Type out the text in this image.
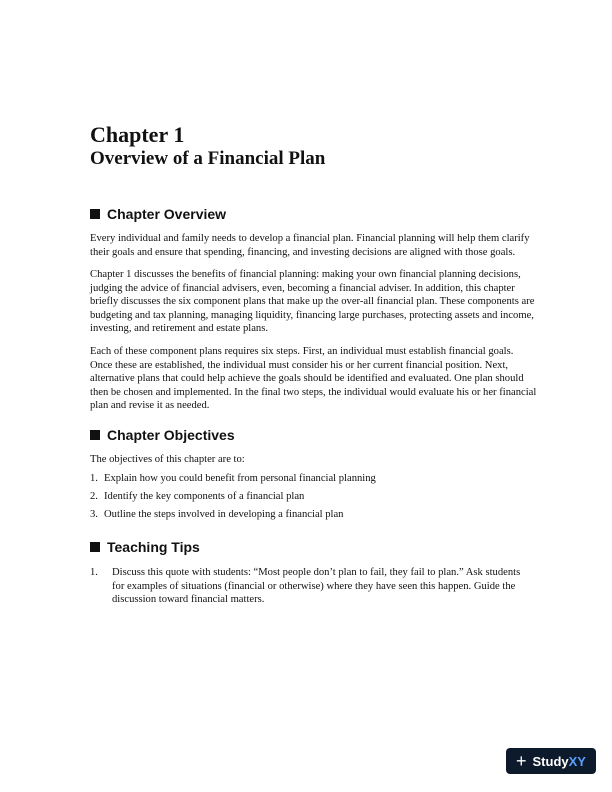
Chapter 1
Overview of a Financial Plan
Chapter Overview
Every individual and family needs to develop a financial plan. Financial planning will help them clarify
their goals and ensure that spending, financing, and investing decisions are aligned with those goals.
Chapter 1 discusses the benefits of financial planning: making your own financial planning decisions,
judging the advice of financial advisers, even, becoming a financial adviser. In addition, this chapter
briefly discusses the six component plans that make up the over-all financial plan. These components are
budgeting and tax planning, managing liquidity, financing large purchases, protecting assets and income,
investing, and retirement and estate plans.
Each of these component plans requires six steps. First, an individual must establish financial goals.
Once these are established, the individual must consider his or her current financial position. Next,
alternative plans that could help achieve the goals should be identified and evaluated. One plan should
then be chosen and implemented. In the final two steps, the individual would evaluate his or her financial
plan and revise it as needed.
Chapter Objectives
The objectives of this chapter are to:
1. Explain how you could benefit from personal financial planning
2. Identify the key components of a financial plan
3. Outline the steps involved in developing a financial plan
Teaching Tips
1.	Discuss this quote with students: “Most people don’t plan to fail, they fail to plan.” Ask students
for examples of situations (financial or otherwise) where they have seen this happen. Guide the
discussion toward financial matters.
+ Study XY
